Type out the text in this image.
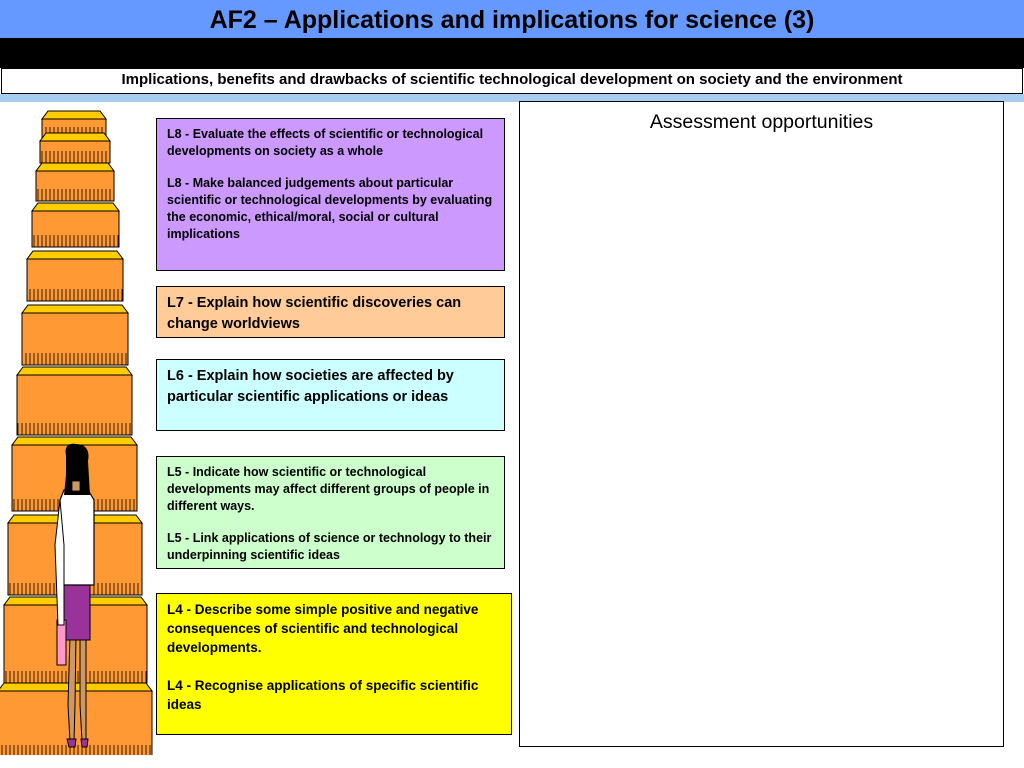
AF2 – Applications and implications for science (3)
Implications, benefits and drawbacks of scientific technological development on society and the environment

L8 - Evaluate the effects of scientific or technological developments on society as a whole

L8 - Make balanced judgements about particular scientific or technological developments by evaluating the economic, ethical/moral, social or cultural implications

L7 - Explain how scientific discoveries can change worldviews

L6 - Explain how societies are affected by particular scientific applications or ideas

L5 - Indicate how scientific or technological developments may affect different groups of people in different ways.

L5 - Link applications of science or technology to their underpinning scientific ideas

L4 - Describe some simple positive and negative consequences of scientific and technological developments.

L4 - Recognise applications of specific scientific ideas

Assessment opportunities
